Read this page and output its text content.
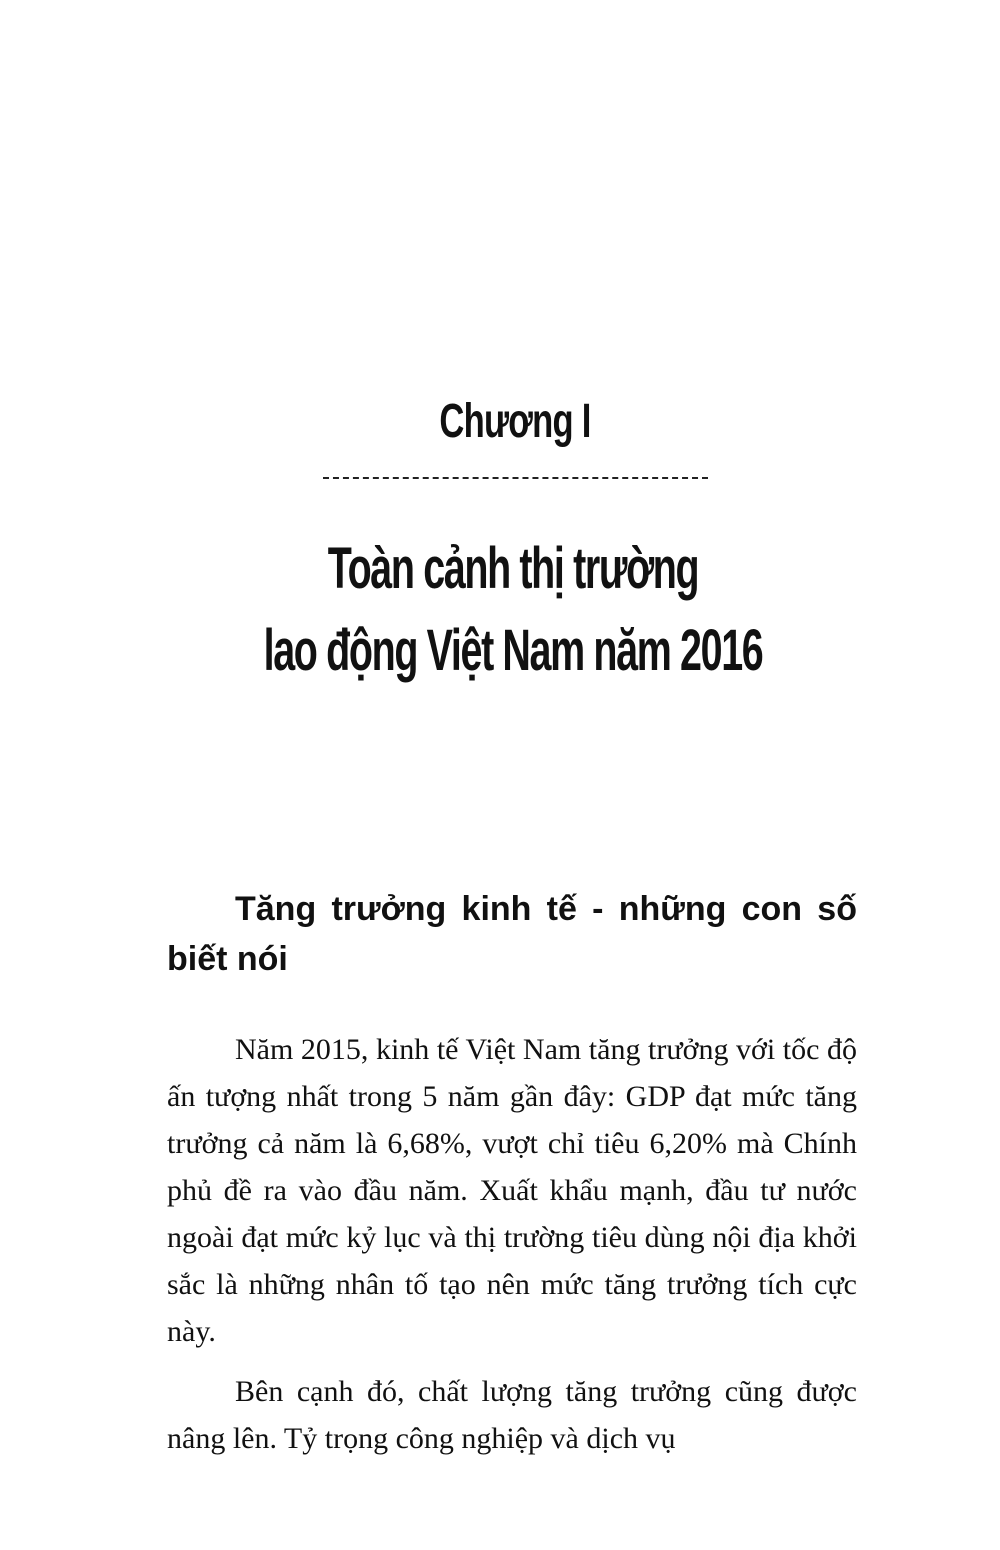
Chương I
Toàn cảnh thị trường
lao động Việt Nam năm 2016
Tăng trưởng kinh tế - những con số biết nói

Năm 2015, kinh tế Việt Nam tăng trưởng với tốc độ ấn tượng nhất trong 5 năm gần đây: GDP đạt mức tăng trưởng cả năm là 6,68%, vượt chỉ tiêu 6,20% mà Chính phủ đề ra vào đầu năm. Xuất khẩu mạnh, đầu tư nước ngoài đạt mức kỷ lục và thị trường tiêu dùng nội địa khởi sắc là những nhân tố tạo nên mức tăng trưởng tích cực này.

Bên cạnh đó, chất lượng tăng trưởng cũng được nâng lên. Tỷ trọng công nghiệp và dịch vụ
